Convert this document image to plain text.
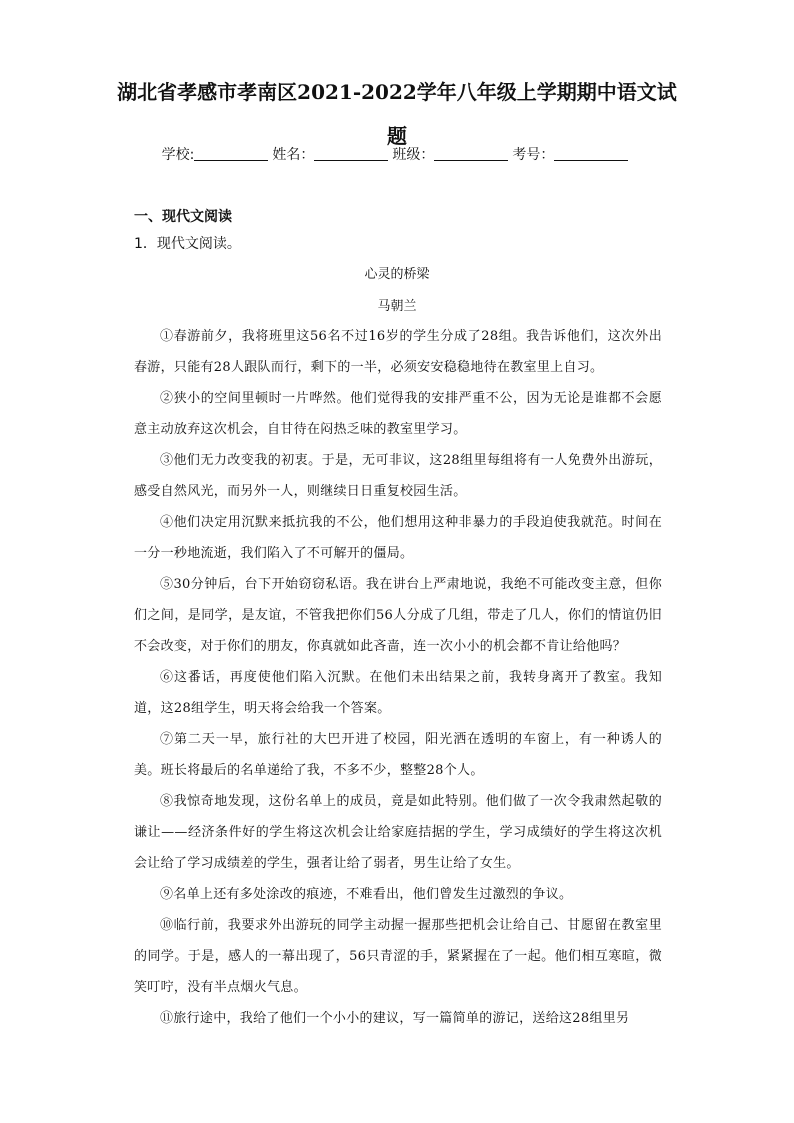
湖北省孝感市孝南区2021-2022学年八年级上学期期中语文试题
学校:	姓名：	班级：	考号：
一、现代文阅读
1．现代文阅读。
心灵的桥梁
马朝兰

①春游前夕，我将班里这56名不过16岁的学生分成了28组。我告诉他们，这次外出春游，只能有28人跟队而行，剩下的一半，必须安安稳稳地待在教室里上自习。

②狭小的空间里顿时一片哗然。他们觉得我的安排严重不公，因为无论是谁都不会愿意主动放弃这次机会，自甘待在闷热乏味的教室里学习。

③他们无力改变我的初衷。于是，无可非议，这28组里每组将有一人免费外出游玩，感受自然风光，而另外一人，则继续日日重复校园生活。

④他们决定用沉默来抵抗我的不公，他们想用这种非暴力的手段迫使我就范。时间在一分一秒地流逝，我们陷入了不可解开的僵局。

⑤30分钟后，台下开始窃窃私语。我在讲台上严肃地说，我绝不可能改变主意，但你们之间，是同学，是友谊，不管我把你们56人分成了几组，带走了几人，你们的情谊仍旧不会改变，对于你们的朋友，你真就如此吝啬，连一次小小的机会都不肯让给他吗？

⑥这番话，再度使他们陷入沉默。在他们未出结果之前，我转身离开了教室。我知道，这28组学生，明天将会给我一个答案。

⑦第二天一早，旅行社的大巴开进了校园，阳光洒在透明的车窗上，有一种诱人的美。班长将最后的名单递给了我，不多不少，整整28个人。

⑧我惊奇地发现，这份名单上的成员，竟是如此特别。他们做了一次令我肃然起敬的谦让——经济条件好的学生将这次机会让给家庭拮据的学生，学习成绩好的学生将这次机会让给了学习成绩差的学生，强者让给了弱者，男生让给了女生。

⑨名单上还有多处涂改的痕迹，不难看出，他们曾发生过激烈的争议。

⑩临行前，我要求外出游玩的同学主动握一握那些把机会让给自己、甘愿留在教室里的同学。于是，感人的一幕出现了，56只青涩的手，紧紧握在了一起。他们相互寒暄，微笑叮咛，没有半点烟火气息。

⑪旅行途中，我给了他们一个小小的建议，写一篇简单的游记，送给这28组里另
